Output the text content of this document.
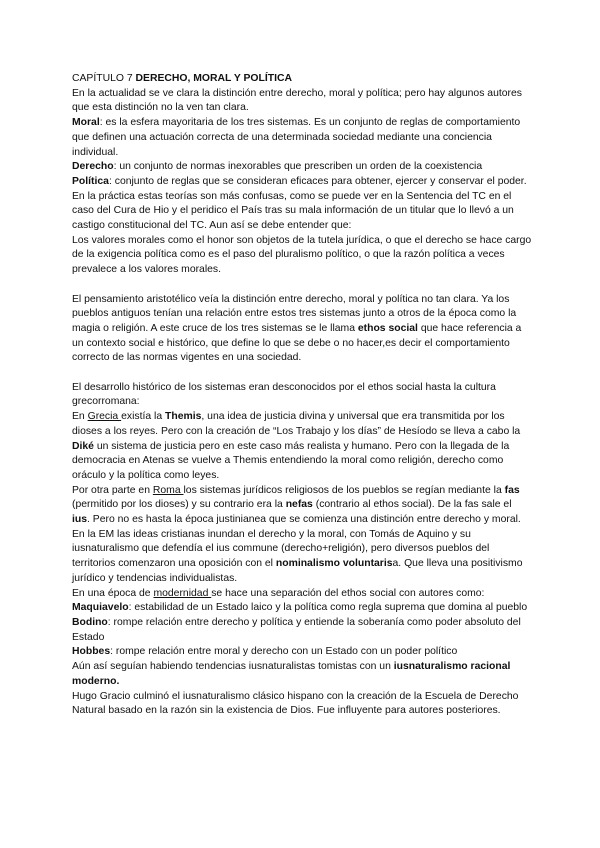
CAPÍTULO 7 DERECHO, MORAL Y POLÍTICA

En la actualidad se ve clara la distinción entre derecho, moral y política; pero hay algunos autores que esta distinción no la ven tan clara.

Moral: es la esfera mayoritaria de los tres sistemas. Es un conjunto de reglas de comportamiento que definen una actuación correcta de una determinada sociedad mediante una conciencia individual.

Derecho: un conjunto de normas inexorables que prescriben un orden de la coexistencia

Política: conjunto de reglas que se consideran eficaces para obtener, ejercer y conservar el poder.

En la práctica estas teorías son más confusas, como se puede ver en la Sentencia del TC en el caso del Cura de Hio y el peridico el País tras su mala información de un titular que lo llevó a un castigo constitucional del TC. Aun así se debe entender que:

Los valores morales como el honor son objetos de la tutela jurídica, o que el derecho se hace cargo de la exigencia política como es el paso del pluralismo político, o que la razón política a veces prevalece a los valores morales.

El pensamiento aristotélico veía la distinción entre derecho, moral y política no tan clara. Ya los pueblos antiguos tenían una relación entre estos tres sistemas junto a otros de la época como la magia o religión. A este cruce de los tres sistemas se le llama ethos social que hace referencia a un contexto social e histórico, que define lo que se debe o no hacer,es decir el comportamiento correcto de las normas vigentes en una sociedad.

El desarrollo histórico de los sistemas eran desconocidos por el ethos social hasta la cultura grecorromana:

En Grecia existía la Themis, una idea de justicia divina y universal que era transmitida por los dioses a los reyes. Pero con la creación de “Los Trabajo y los días” de Hesíodo se lleva a cabo la Diké un sistema de justicia pero en este caso más realista y humano. Pero con la llegada de la democracia en Atenas se vuelve a Themis entendiendo la moral como religión, derecho como oráculo y la política como leyes.

Por otra parte en Roma los sistemas jurídicos religiosos de los pueblos se regían mediante la fas (permitido por los dioses) y su contrario era la nefas (contrario al ethos social). De la fas sale el ius. Pero no es hasta la época justinianea que se comienza una distinción entre derecho y moral.

En la EM las ideas cristianas inundan el derecho y la moral, con Tomás de Aquino y su iusnaturalismo que defendía el ius commune (derecho+religión), pero diversos pueblos del territorios comenzaron una oposición con el nominalismo voluntarisa. Que lleva una positivismo jurídico y tendencias individualistas.

En una época de modernidad se hace una separación del ethos social con autores como:

Maquiavelo: estabilidad de un Estado laico y la política como regla suprema que domina al pueblo

Bodino: rompe relación entre derecho y política y entiende la soberanía como poder absoluto del Estado

Hobbes: rompe relación entre moral y derecho con un Estado con un poder político

Aún así seguían habiendo tendencias iusnaturalistas tomistas con un iusnaturalismo racional moderno.

Hugo Gracio culminó el iusnaturalismo clásico hispano con la creación de la Escuela de Derecho Natural basado en la razón sin la existencia de Dios. Fue influyente para autores posteriores.
